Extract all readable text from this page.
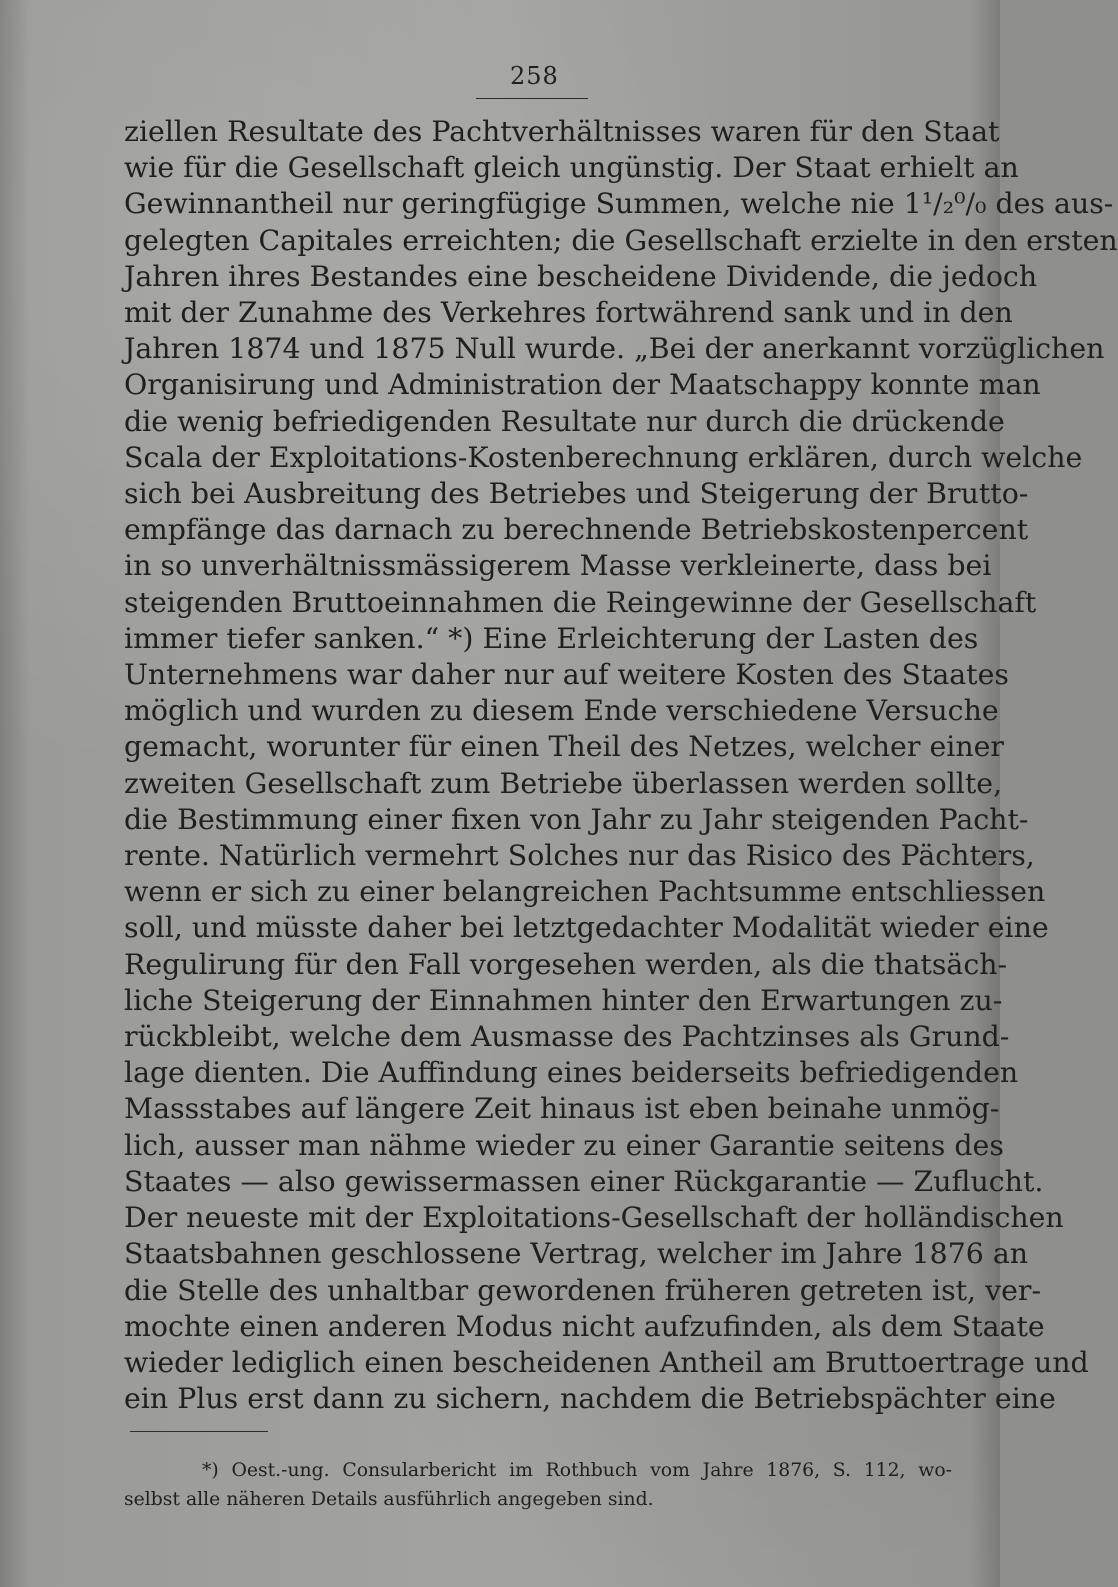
258
ziellen Resultate des Pachtverhältnisses waren für den Staat
wie für die Gesellschaft gleich ungünstig. Der Staat erhielt an
Gewinnantheil nur geringfügige Summen, welche nie 1¹/₂⁰/₀ des aus-
gelegten Capitales erreichten; die Gesellschaft erzielte in den ersten
Jahren ihres Bestandes eine bescheidene Dividende, die jedoch
mit der Zunahme des Verkehres fortwährend sank und in den
Jahren 1874 und 1875 Null wurde. „Bei der anerkannt vorzüglichen
Organisirung und Administration der Maatschappy konnte man
die wenig befriedigenden Resultate nur durch die drückende
Scala der Exploitations-Kostenberechnung erklären, durch welche
sich bei Ausbreitung des Betriebes und Steigerung der Brutto-
empfänge das darnach zu berechnende Betriebskostenpercent
in so unverhältnissmässigerem Masse verkleinerte, dass bei
steigenden Bruttoeinnahmen die Reingewinne der Gesellschaft
immer tiefer sanken.“ *) Eine Erleichterung der Lasten des
Unternehmens war daher nur auf weitere Kosten des Staates
möglich und wurden zu diesem Ende verschiedene Versuche
gemacht, worunter für einen Theil des Netzes, welcher einer
zweiten Gesellschaft zum Betriebe überlassen werden sollte,
die Bestimmung einer fixen von Jahr zu Jahr steigenden Pacht-
rente. Natürlich vermehrt Solches nur das Risico des Pächters,
wenn er sich zu einer belangreichen Pachtsumme entschliessen
soll, und müsste daher bei letztgedachter Modalität wieder eine
Regulirung für den Fall vorgesehen werden, als die thatsäch-
liche Steigerung der Einnahmen hinter den Erwartungen zu-
rückbleibt, welche dem Ausmasse des Pachtzinses als Grund-
lage dienten. Die Auffindung eines beiderseits befriedigenden
Massstabes auf längere Zeit hinaus ist eben beinahe unmög-
lich, ausser man nähme wieder zu einer Garantie seitens des
Staates — also gewissermassen einer Rückgarantie — Zuflucht.
Der neueste mit der Exploitations-Gesellschaft der holländischen
Staatsbahnen geschlossene Vertrag, welcher im Jahre 1876 an
die Stelle des unhaltbar gewordenen früheren getreten ist, ver-
mochte einen anderen Modus nicht aufzufinden, als dem Staate
wieder lediglich einen bescheidenen Antheil am Bruttoertrage und
ein Plus erst dann zu sichern, nachdem die Betriebspächter eine
*) Oest.-ung. Consularbericht im Rothbuch vom Jahre 1876, S. 112, wo-
selbst alle näheren Details ausführlich angegeben sind.
